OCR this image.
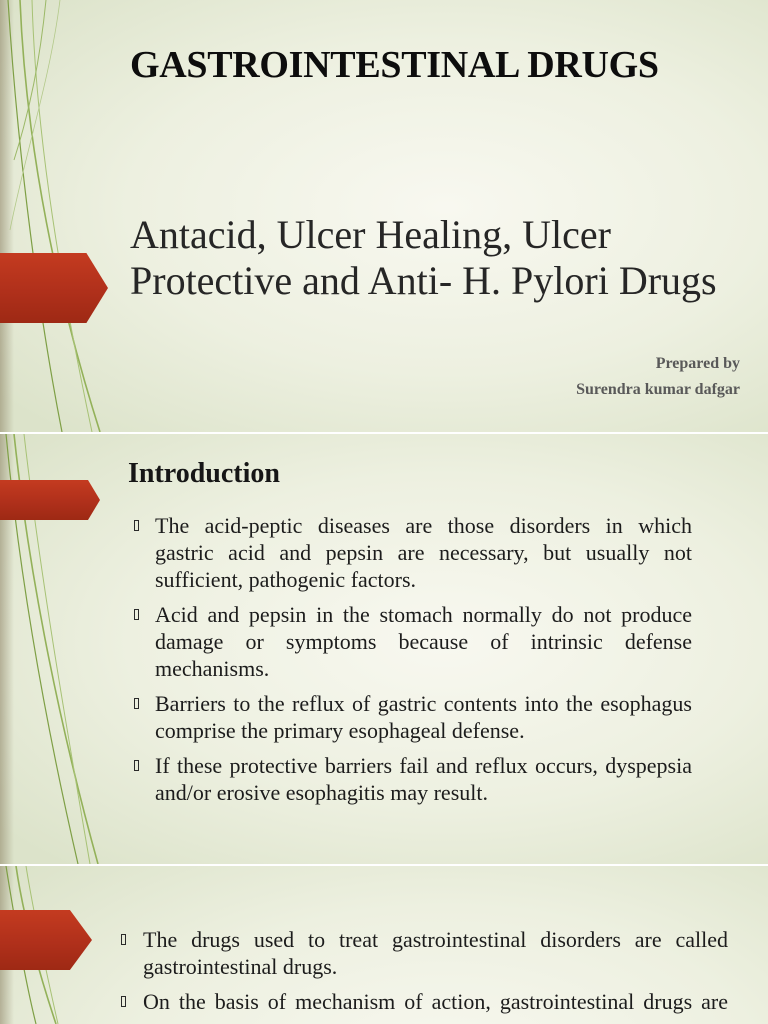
GASTROINTESTINAL DRUGS
Antacid, Ulcer Healing, Ulcer
Protective and Anti- H. Pylori Drugs
Prepared by
Surendra kumar dafgar
Introduction
The acid-peptic diseases are those disorders in which
gastric acid and pepsin are necessary, but usually not
sufficient, pathogenic factors.
Acid and pepsin in the stomach normally do not produce
damage or symptoms because of intrinsic defense
mechanisms.
Barriers to the reflux of gastric contents into the esophagus
comprise the primary esophageal defense.
If these protective barriers fail and reflux occurs, dyspepsia
and/or erosive esophagitis may result.
The drugs used to treat gastrointestinal disorders are called
gastrointestinal drugs.
On the basis of mechanism of action, gastrointestinal drugs are
